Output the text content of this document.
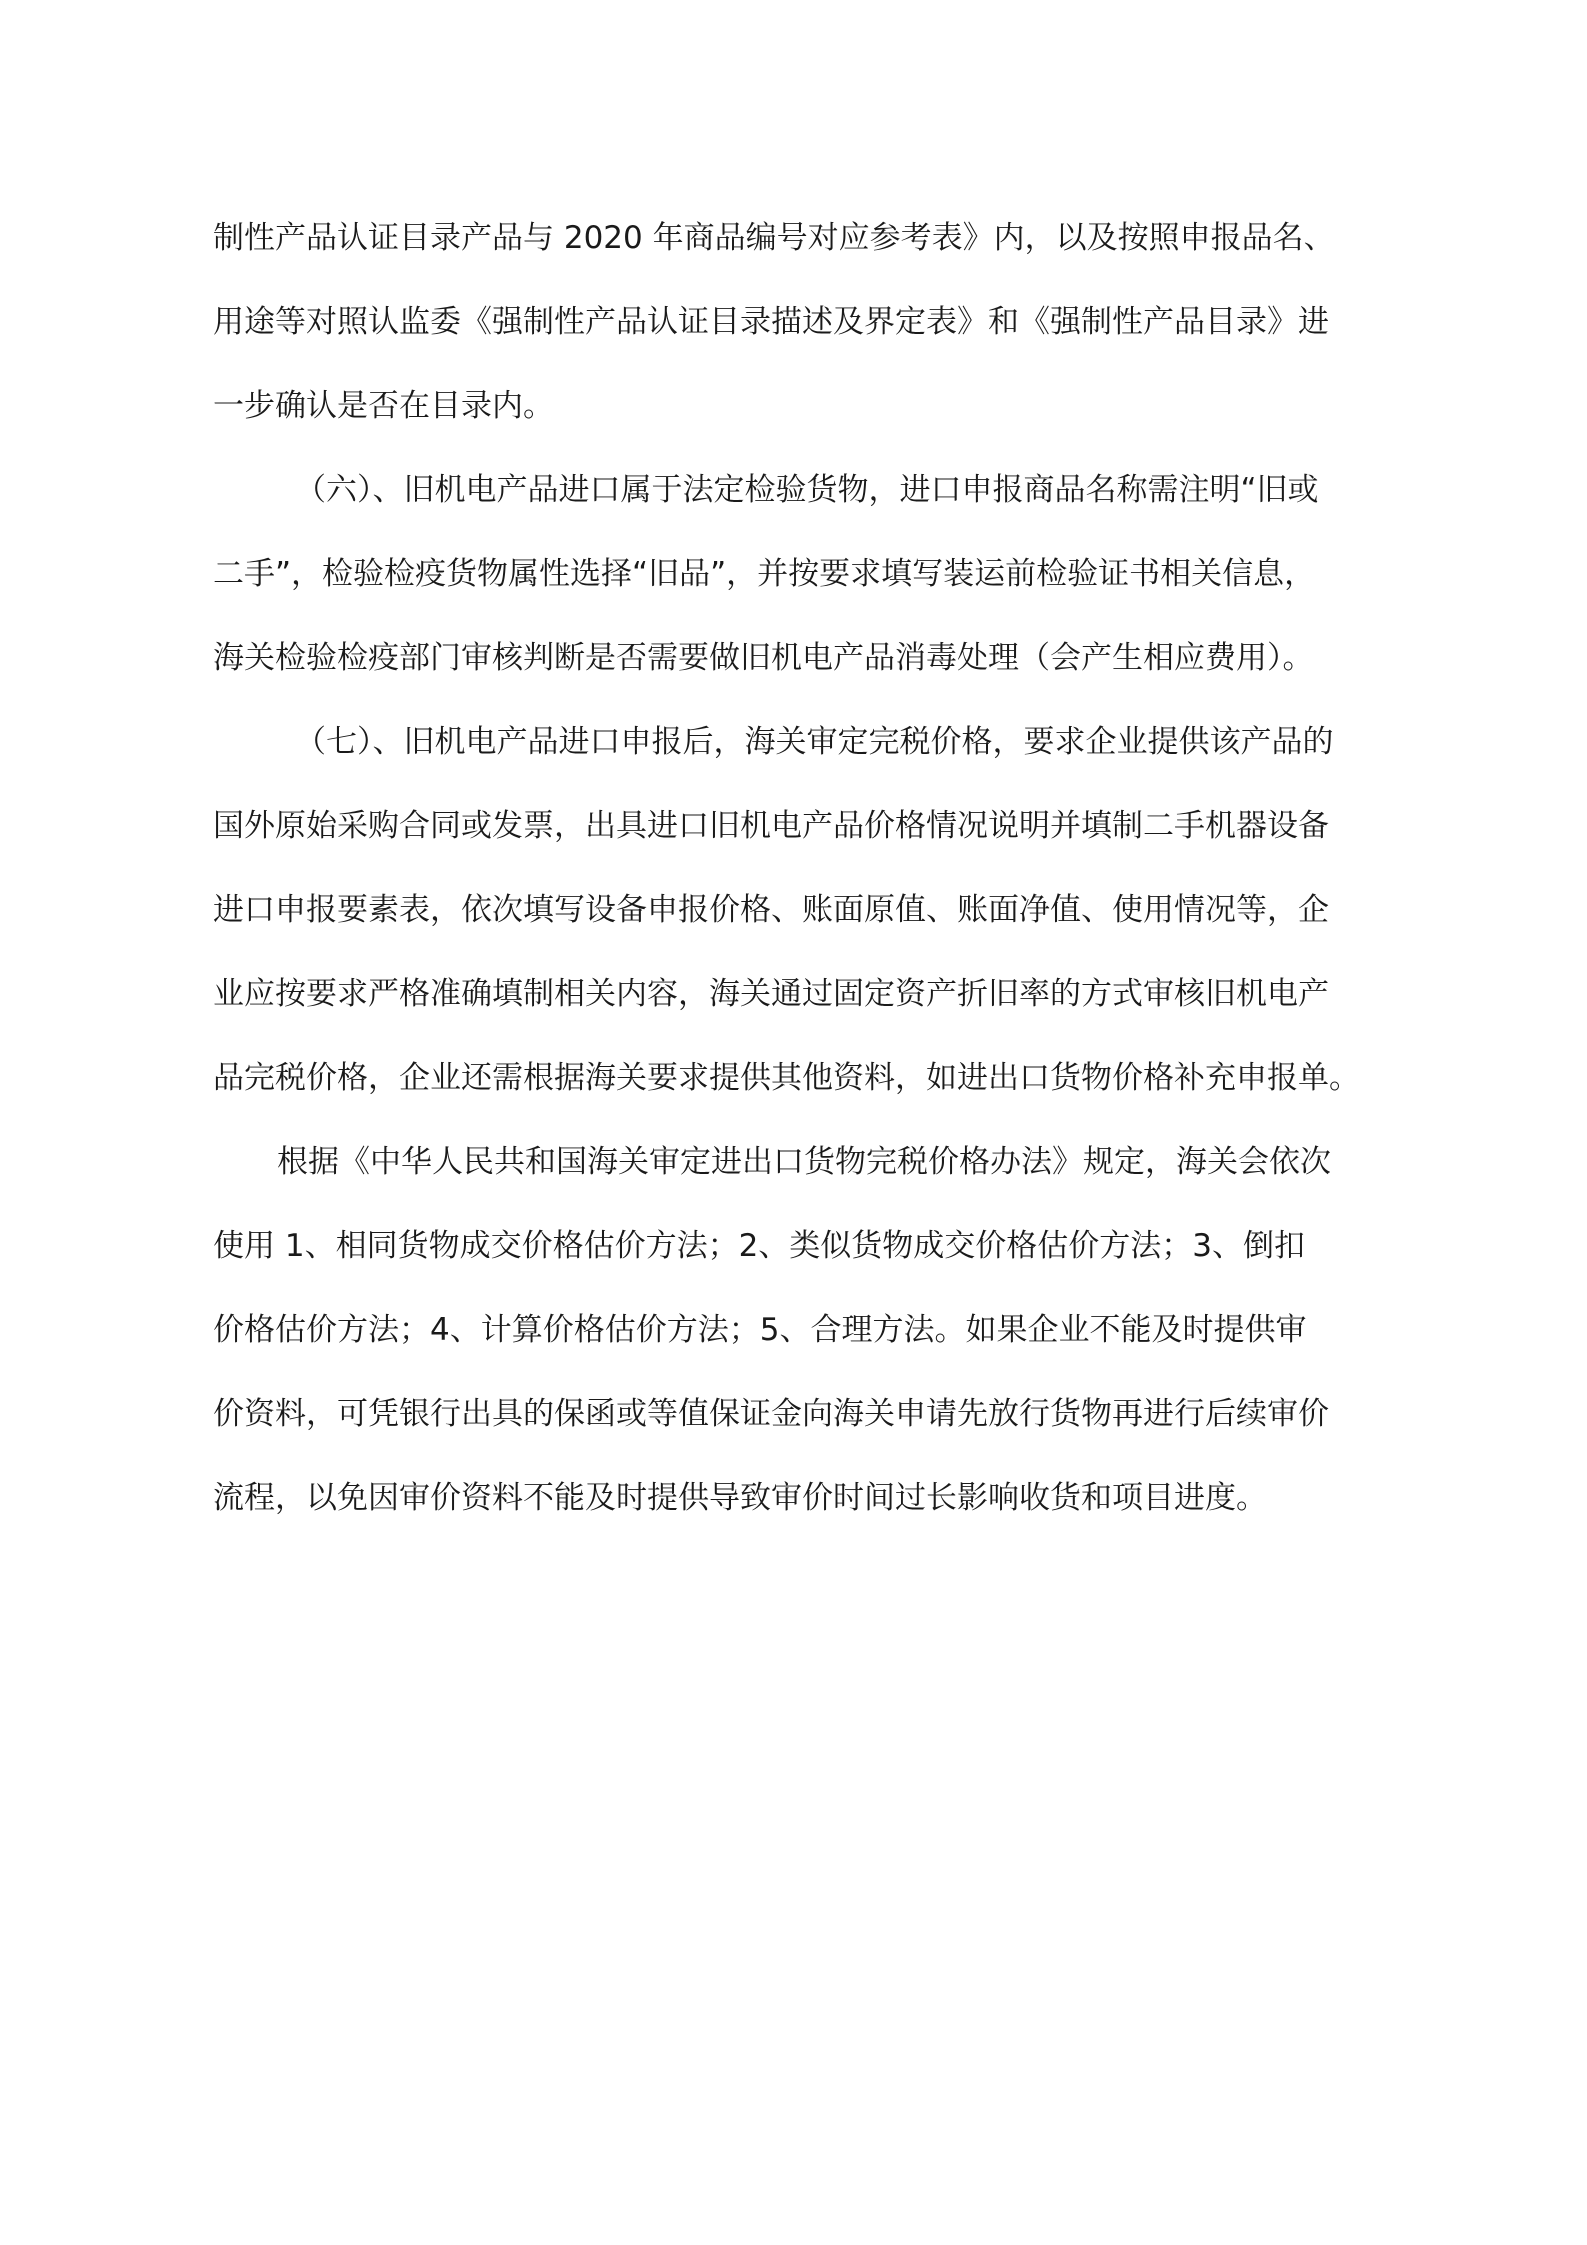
制性产品认证目录产品与 2020 年商品编号对应参考表》内，以及按照申报品名、
用途等对照认监委《强制性产品认证目录描述及界定表》和《强制性产品目录》进
一步确认是否在目录内。
（六）、旧机电产品进口属于法定检验货物，进口申报商品名称需注明“旧或
二手”，检验检疫货物属性选择“旧品”，并按要求填写装运前检验证书相关信息，
海关检验检疫部门审核判断是否需要做旧机电产品消毒处理（会产生相应费用）。
（七）、旧机电产品进口申报后，海关审定完税价格，要求企业提供该产品的
国外原始采购合同或发票，出具进口旧机电产品价格情况说明并填制二手机器设备
进口申报要素表，依次填写设备申报价格、账面原值、账面净值、使用情况等，企
业应按要求严格准确填制相关内容，海关通过固定资产折旧率的方式审核旧机电产
品完税价格，企业还需根据海关要求提供其他资料，如进出口货物价格补充申报单。
根据《中华人民共和国海关审定进出口货物完税价格办法》规定，海关会依次
使用 1、相同货物成交价格估价方法；2、类似货物成交价格估价方法；3、倒扣
价格估价方法；4、计算价格估价方法；5、合理方法。如果企业不能及时提供审
价资料，可凭银行出具的保函或等值保证金向海关申请先放行货物再进行后续审价
流程，以免因审价资料不能及时提供导致审价时间过长影响收货和项目进度。
